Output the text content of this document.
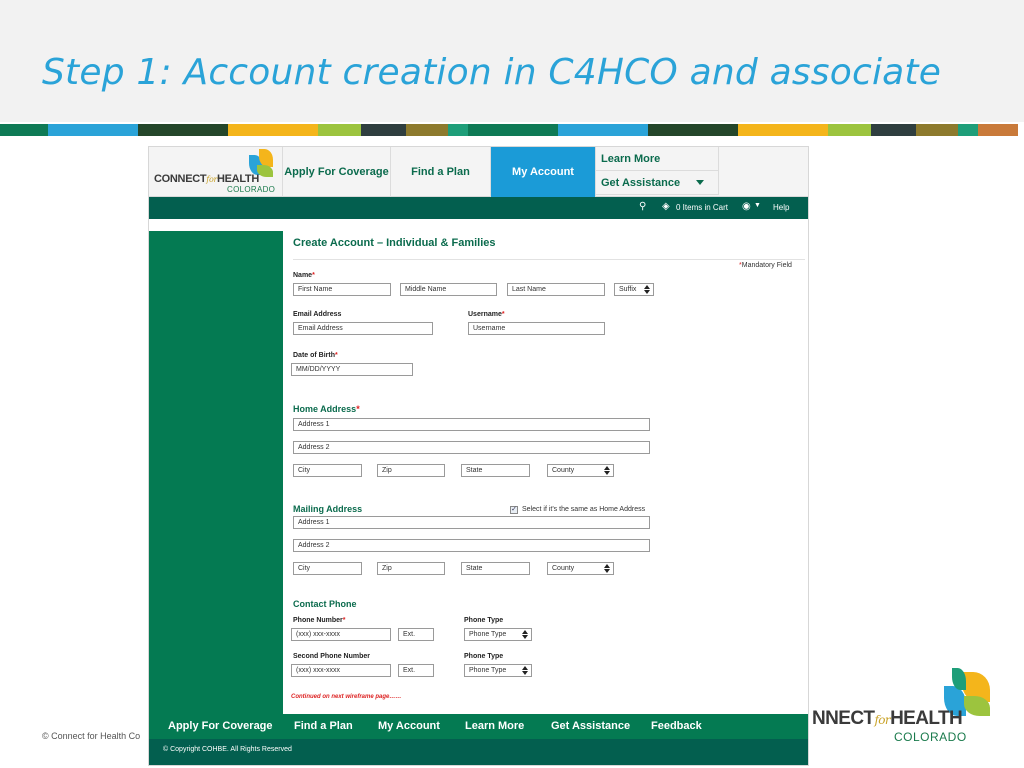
Step 1: Account creation in C4HCO and associate
CONNECTforHEALTH
COLORADO
Apply For Coverage	Find a Plan	My Account
Learn More
Get Assistance
⚲ ◈ 0 Items in Cart ◉ ▼ Help
Create Account – Individual & Families
*Mandatory Field
Name*
First Name	Middle Name	Last Name	Suffix
Email Address
Email Address
Username*
Username
Date of Birth*
MM/DD/YYYY
Home Address*
Address 1
Address 2
City	Zip	State	County
Mailing Address	✓ Select if it's the same as Home Address
Address 1
Address 2
City	Zip	State	County
Contact Phone
Phone Number*
(xxx) xxx-xxxx	Ext.
Phone Type
Phone Type
Second Phone Number
(xxx) xxx-xxxx	Ext.
Phone Type
Phone Type
Continued on next wireframe page……
Apply For Coverage Find a Plan My Account Learn More Get Assistance Feedback
© Copyright COHBE. All Rights Reserved
© Connect for Health Co
NNECTforHEALTH
COLORADO
